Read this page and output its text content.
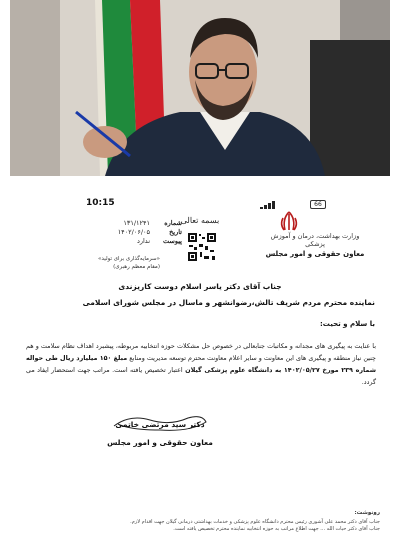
10:15	66
وزارت بهداشت، درمان و آموزش پزشکی
معاون حقوقی و امور مجلس
بسمه تعالی
شماره
۱۳۱/۱۲۴۱
تاریخ
۱۴۰۲/۰۶/۰۵
پیوست
ندارد
«سرمایه‌گذاری برای تولید»
(مقام معظم رهبری)
جناب آقای دکتر یاسر اسلام دوست کاریزندی
نماینده محترم مردم شریف تالش،رضوانشهر و ماسال در مجلس شورای اسلامی
با سلام و تحیت:
با عنایت به پیگیری های مجدانه و مکاتبات جنابعالی در خصوص حل مشکلات حوزه انتخابیه مربوطه، پیشبرد اهداف نظام سلامت و هم چنین نیاز منطقه و پیگیری های این معاونت و سایر اعلام معاونت محترم توسعه مدیریت ومنابع مبلغ ۱۵۰ میلیارد ریال طی حواله شماره ۲۳۹ مورخ ۱۴۰۲/۰۵/۲۷ به دانشگاه علوم پزشکی گیلان اعتبار تخصیص یافته است. مراتب جهت استحضار ایفاد می گردد.
دکتر سید مرتضی خاتمی
معاون حقوقی و امور مجلس
رونوشت:
جناب آقای دکتر محمد علی آشوری رئیس محترم دانشگاه علوم پزشکی و خدمات بهداشتی درمانی گیلان جهت اقدام لازم.
جناب آقای دکتر حیات الله ... جهت اطلاع مراتب به حوزه انتخابیه نماینده محترم تخصیص یافته است.
